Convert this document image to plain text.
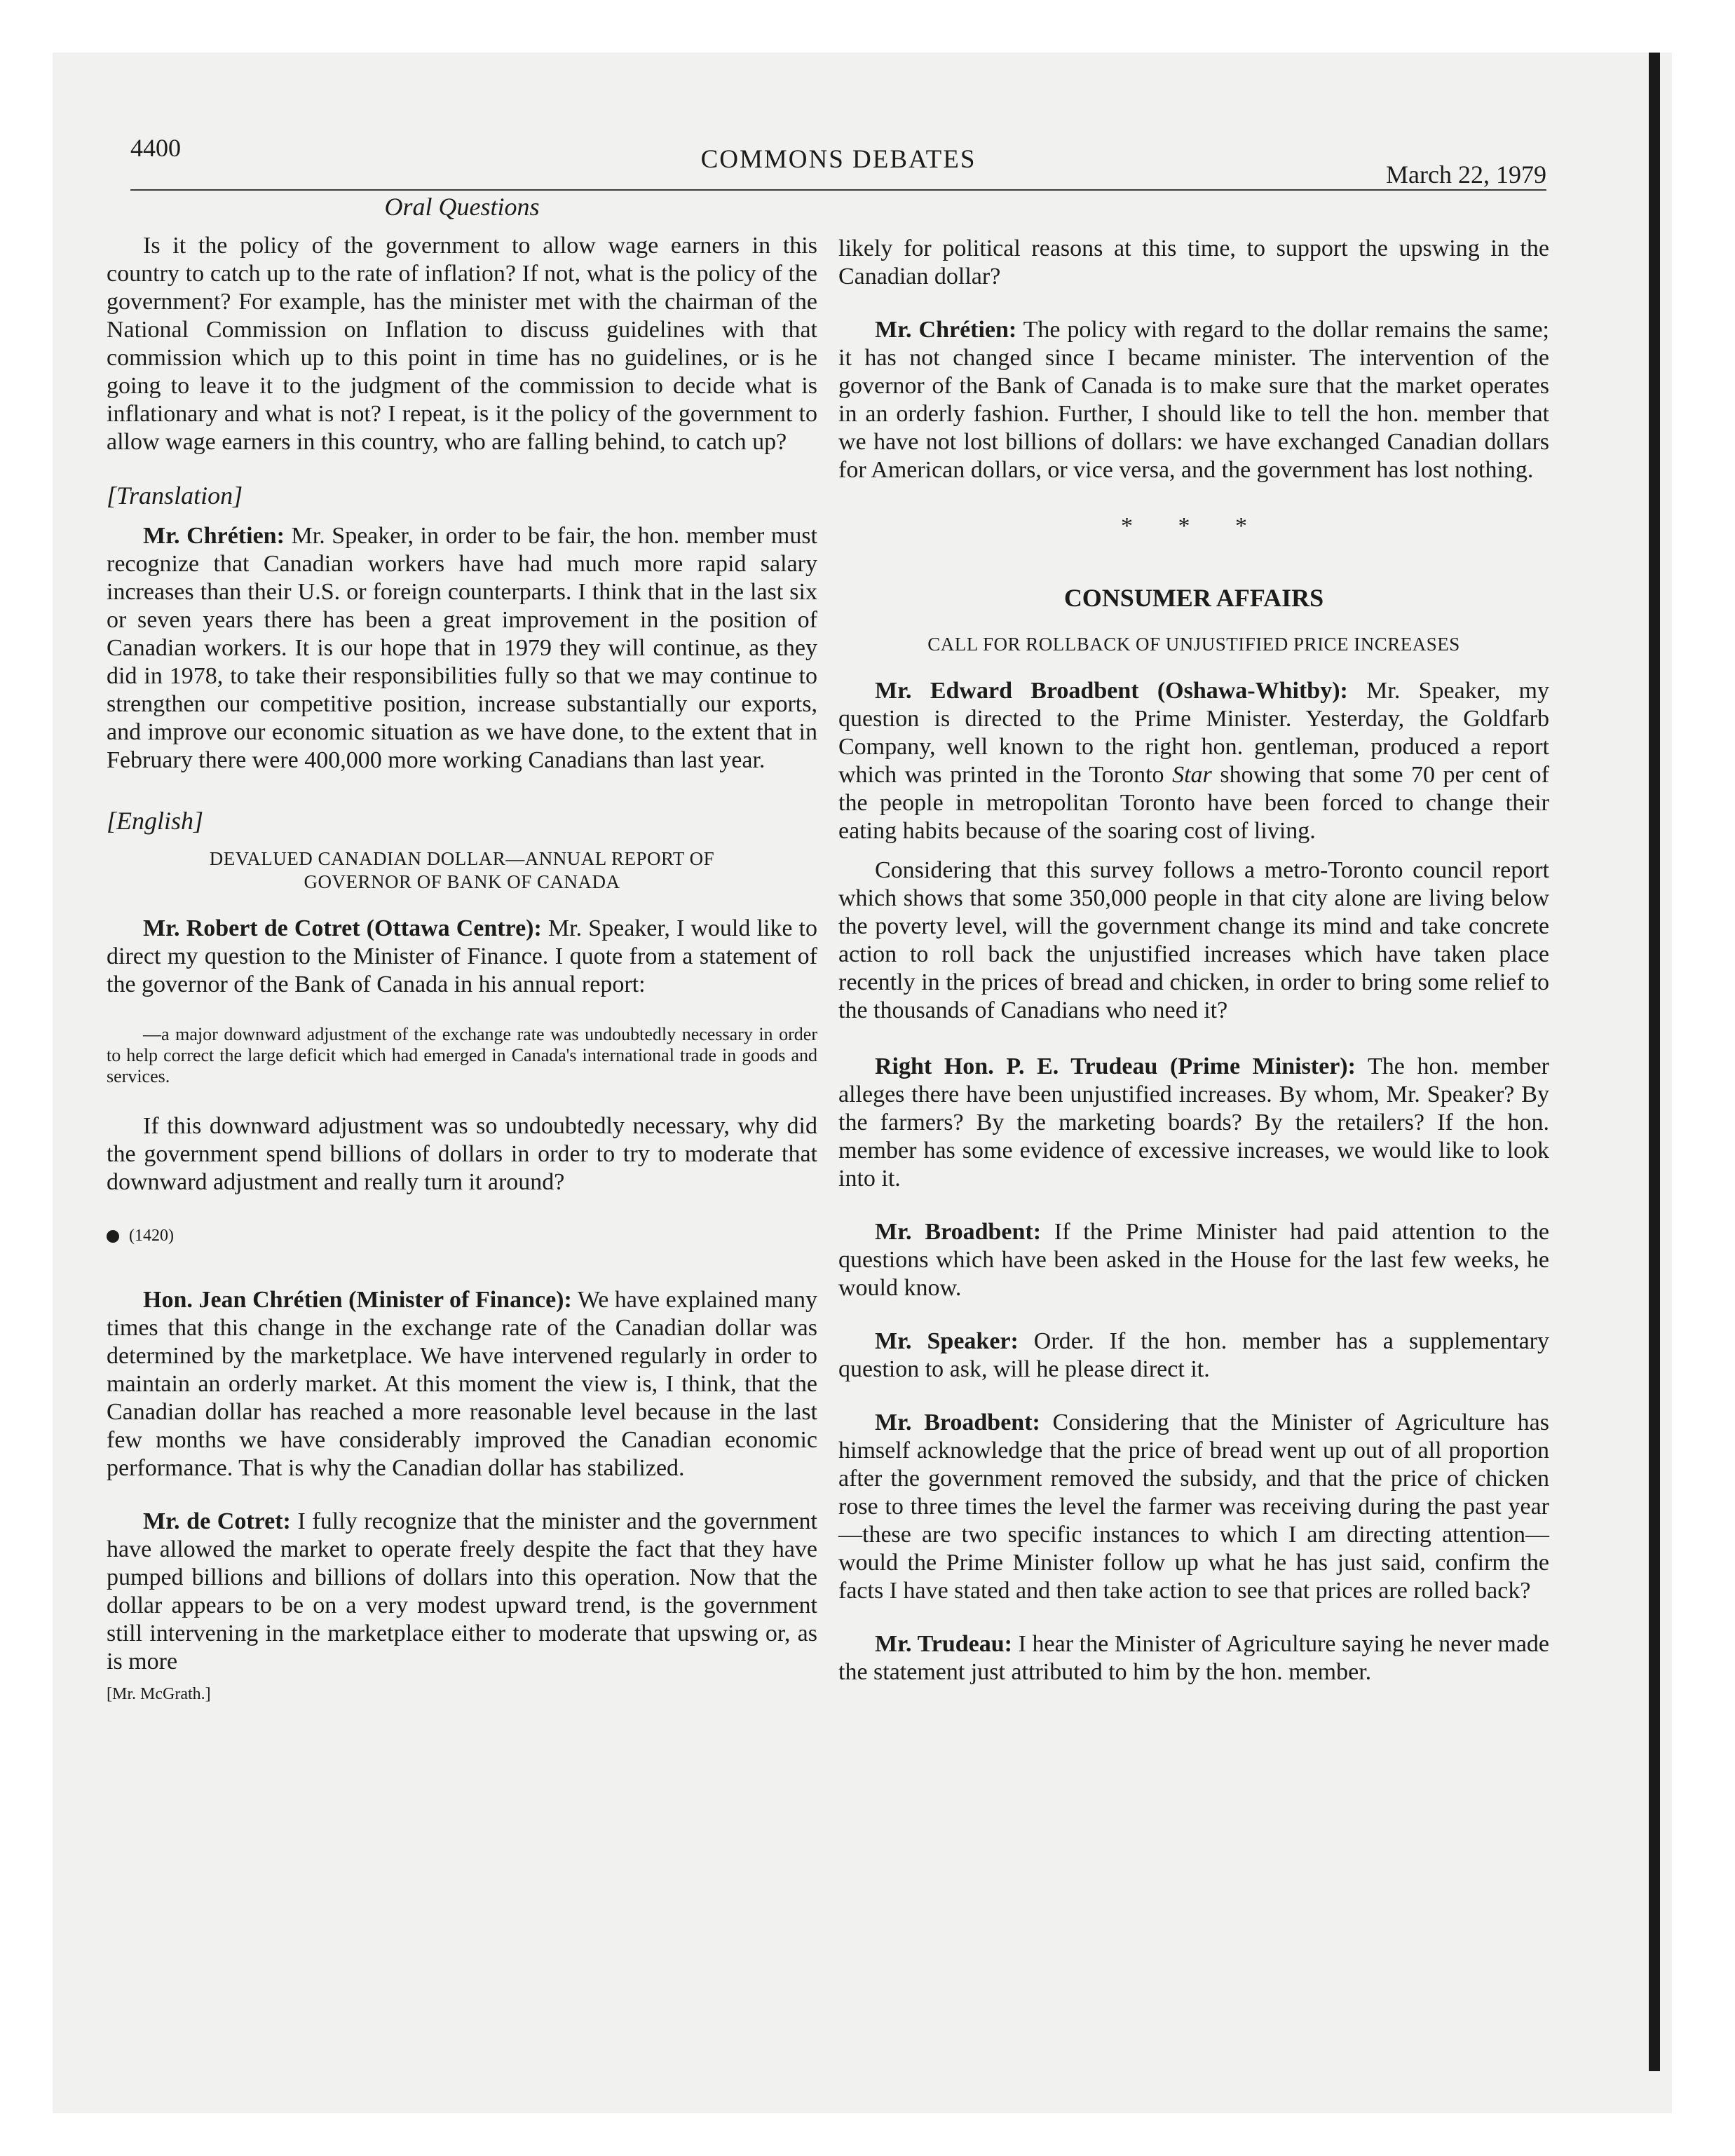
4400	COMMONS DEBATES
March 22, 1979
Oral Questions

Is it the policy of the government to allow wage earners in this country to catch up to the rate of inflation? If not, what is the policy of the government? For example, has the minister met with the chairman of the National Commission on Inflation to discuss guidelines with that commission which up to this point in time has no guidelines, or is he going to leave it to the judgment of the commission to decide what is inflationary and what is not? I repeat, is it the policy of the government to allow wage earners in this country, who are falling behind, to catch up?

[Translation]

Mr. Chrétien: Mr. Speaker, in order to be fair, the hon. member must recognize that Canadian workers have had much more rapid salary increases than their U.S. or foreign counterparts. I think that in the last six or seven years there has been a great improvement in the position of Canadian workers. It is our hope that in 1979 they will continue, as they did in 1978, to take their responsibilities fully so that we may continue to strengthen our competitive position, increase substantially our exports, and improve our economic situation as we have done, to the extent that in February there were 400,000 more working Canadians than last year.

[English]
DEVALUED CANADIAN DOLLAR—ANNUAL REPORT OF
GOVERNOR OF BANK OF CANADA

Mr. Robert de Cotret (Ottawa Centre): Mr. Speaker, I would like to direct my question to the Minister of Finance. I quote from a statement of the governor of the Bank of Canada in his annual report:

—a major downward adjustment of the exchange rate was undoubtedly necessary in order to help correct the large deficit which had emerged in Canada's international trade in goods and services.

If this downward adjustment was so undoubtedly necessary, why did the government spend billions of dollars in order to try to moderate that downward adjustment and really turn it around?

(1420)

Hon. Jean Chrétien (Minister of Finance): We have explained many times that this change in the exchange rate of the Canadian dollar was determined by the marketplace. We have intervened regularly in order to maintain an orderly market. At this moment the view is, I think, that the Canadian dollar has reached a more reasonable level because in the last few months we have considerably improved the Canadian economic performance. That is why the Canadian dollar has stabilized.

Mr. de Cotret: I fully recognize that the minister and the government have allowed the market to operate freely despite the fact that they have pumped billions and billions of dollars into this operation. Now that the dollar appears to be on a very modest upward trend, is the government still intervening in the marketplace either to moderate that upswing or, as is more

[Mr. McGrath.]

likely for political reasons at this time, to support the upswing in the Canadian dollar?

Mr. Chrétien: The policy with regard to the dollar remains the same; it has not changed since I became minister. The intervention of the governor of the Bank of Canada is to make sure that the market operates in an orderly fashion. Further, I should like to tell the hon. member that we have not lost billions of dollars: we have exchanged Canadian dollars for American dollars, or vice versa, and the government has lost nothing.

* * *
CONSUMER AFFAIRS
CALL FOR ROLLBACK OF UNJUSTIFIED PRICE INCREASES

Mr. Edward Broadbent (Oshawa-Whitby): Mr. Speaker, my question is directed to the Prime Minister. Yesterday, the Goldfarb Company, well known to the right hon. gentleman, produced a report which was printed in the Toronto Star showing that some 70 per cent of the people in metropolitan Toronto have been forced to change their eating habits because of the soaring cost of living.

Considering that this survey follows a metro-Toronto council report which shows that some 350,000 people in that city alone are living below the poverty level, will the government change its mind and take concrete action to roll back the unjustified increases which have taken place recently in the prices of bread and chicken, in order to bring some relief to the thousands of Canadians who need it?

Right Hon. P. E. Trudeau (Prime Minister): The hon. member alleges there have been unjustified increases. By whom, Mr. Speaker? By the farmers? By the marketing boards? By the retailers? If the hon. member has some evidence of excessive increases, we would like to look into it.

Mr. Broadbent: If the Prime Minister had paid attention to the questions which have been asked in the House for the last few weeks, he would know.

Mr. Speaker: Order. If the hon. member has a supplementary question to ask, will he please direct it.

Mr. Broadbent: Considering that the Minister of Agriculture has himself acknowledge that the price of bread went up out of all proportion after the government removed the subsidy, and that the price of chicken rose to three times the level the farmer was receiving during the past year—these are two specific instances to which I am directing attention—would the Prime Minister follow up what he has just said, confirm the facts I have stated and then take action to see that prices are rolled back?

Mr. Trudeau: I hear the Minister of Agriculture saying he never made the statement just attributed to him by the hon. member.
